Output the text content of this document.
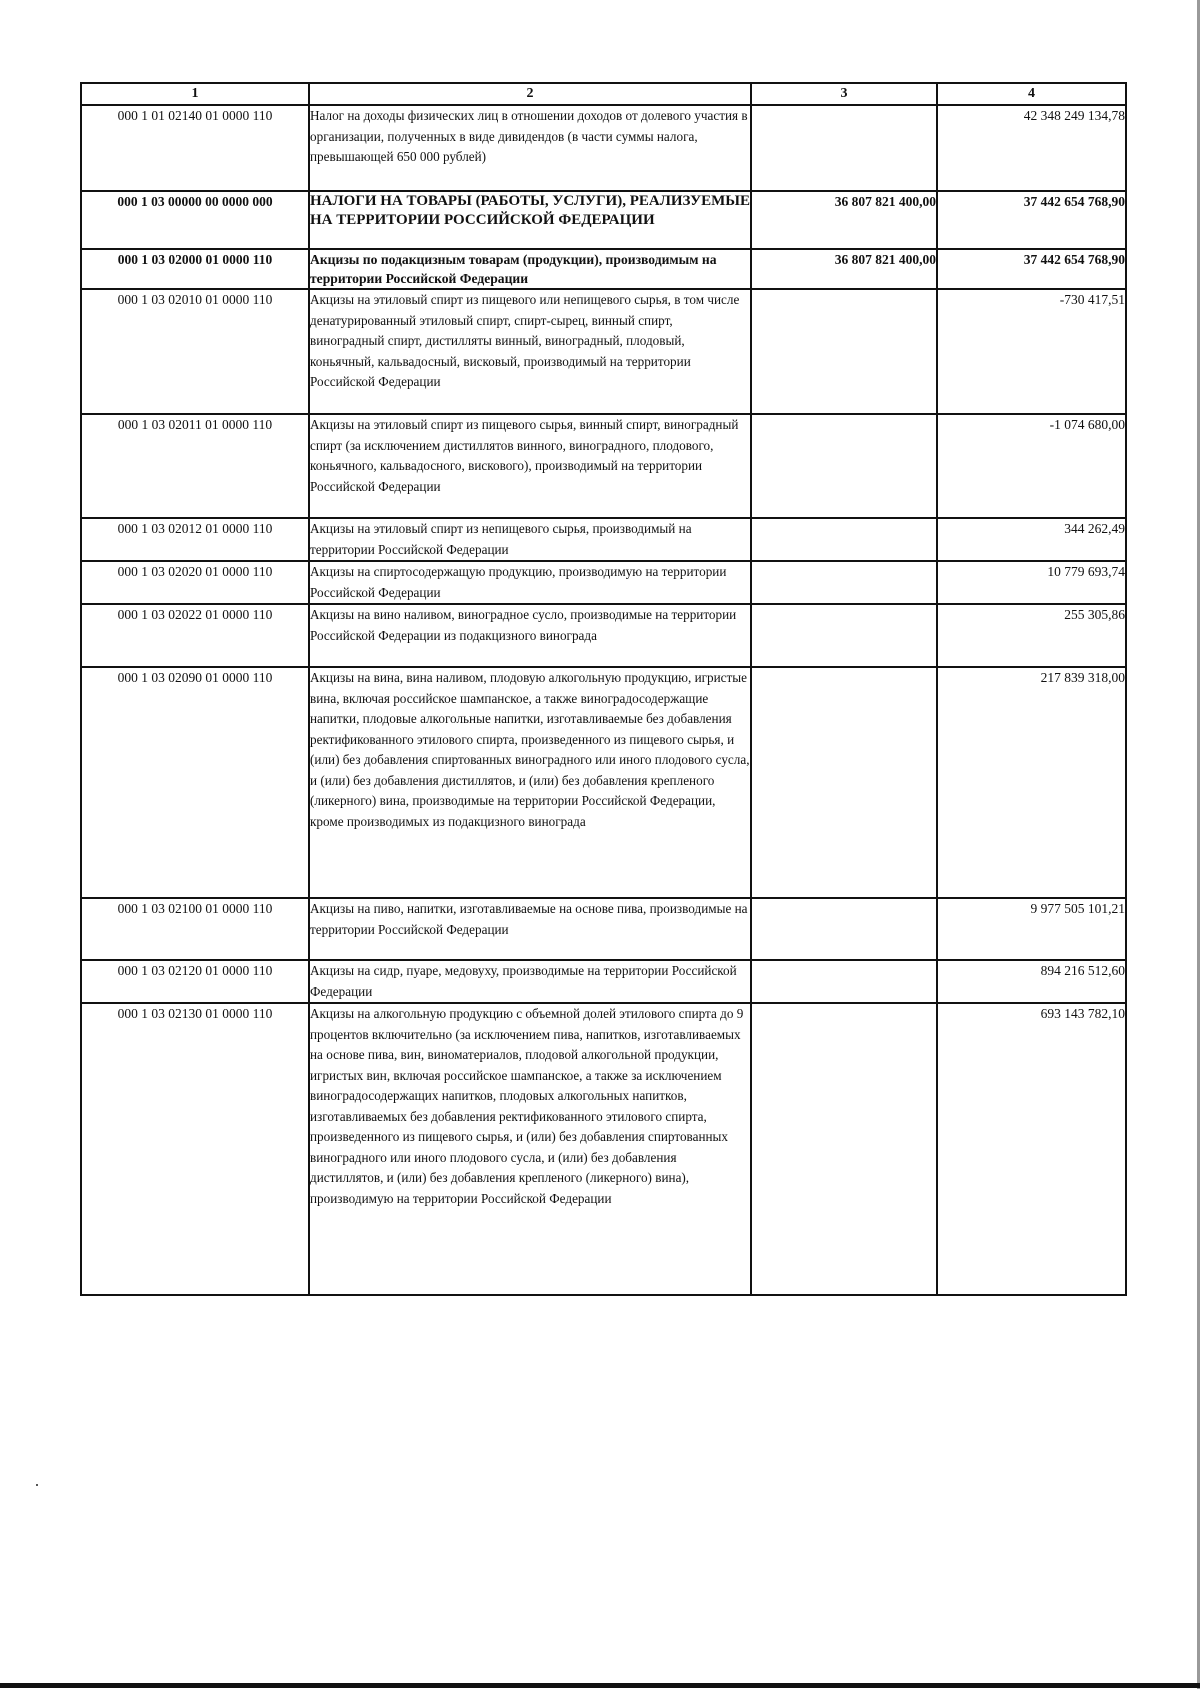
1	2	3	4
000 1 01 02140 01 0000 110	Налог на доходы физических лиц в отношении доходов от долевого участия в организации, полученных в виде дивидендов (в части суммы налога, превышающей 650 000 рублей)		42 348 249 134,78
000 1 03 00000 00 0000 000	НАЛОГИ НА ТОВАРЫ (РАБОТЫ, УСЛУГИ), РЕАЛИЗУЕМЫЕ НА ТЕРРИТОРИИ РОССИЙСКОЙ ФЕДЕРАЦИИ	36 807 821 400,00	37 442 654 768,90
000 1 03 02000 01 0000 110	Акцизы по подакцизным товарам (продукции), производимым на территории Российской Федерации	36 807 821 400,00	37 442 654 768,90
000 1 03 02010 01 0000 110	Акцизы на этиловый спирт из пищевого или непищевого сырья, в том числе денатурированный этиловый спирт, спирт-сырец, винный спирт, виноградный спирт, дистилляты винный, виноградный, плодовый, коньячный, кальвадосный, висковый, производимый на территории Российской Федерации		-730 417,51
000 1 03 02011 01 0000 110	Акцизы на этиловый спирт из пищевого сырья, винный спирт, виноградный спирт (за исключением дистиллятов винного, виноградного, плодового, коньячного, кальвадосного, вискового), производимый на территории Российской Федерации		-1 074 680,00
000 1 03 02012 01 0000 110	Акцизы на этиловый спирт из непищевого сырья, производимый на территории Российской Федерации		344 262,49
000 1 03 02020 01 0000 110	Акцизы на спиртосодержащую продукцию, производимую на территории Российской Федерации		10 779 693,74
000 1 03 02022 01 0000 110	Акцизы на вино наливом, виноградное сусло, производимые на территории Российской Федерации из подакцизного винограда		255 305,86
000 1 03 02090 01 0000 110	Акцизы на вина, вина наливом, плодовую алкогольную продукцию, игристые вина, включая российское шампанское, а также виноградосодержащие напитки, плодовые алкогольные напитки, изготавливаемые без добавления ректификованного этилового спирта, произведенного из пищевого сырья, и (или) без добавления спиртованных виноградного или иного плодового сусла, и (или) без добавления дистиллятов, и (или) без добавления крепленого (ликерного) вина, производимые на территории Российской Федерации, кроме производимых из подакцизного винограда		217 839 318,00
000 1 03 02100 01 0000 110	Акцизы на пиво, напитки, изготавливаемые на основе пива, производимые на территории Российской Федерации		9 977 505 101,21
000 1 03 02120 01 0000 110	Акцизы на сидр, пуаре, медовуху, производимые на территории Российской Федерации		894 216 512,60
000 1 03 02130 01 0000 110	Акцизы на алкогольную продукцию с объемной долей этилового спирта до 9 процентов включительно (за исключением пива, напитков, изготавливаемых на основе пива, вин, виноматериалов, плодовой алкогольной продукции, игристых вин, включая российское шампанское, а также за исключением виноградосодержащих напитков, плодовых алкогольных напитков, изготавливаемых без добавления ректификованного этилового спирта, произведенного из пищевого сырья, и (или) без добавления спиртованных виноградного или иного плодового сусла, и (или) без добавления дистиллятов, и (или) без добавления крепленого (ликерного) вина), производимую на территории Российской Федерации		693 143 782,10
